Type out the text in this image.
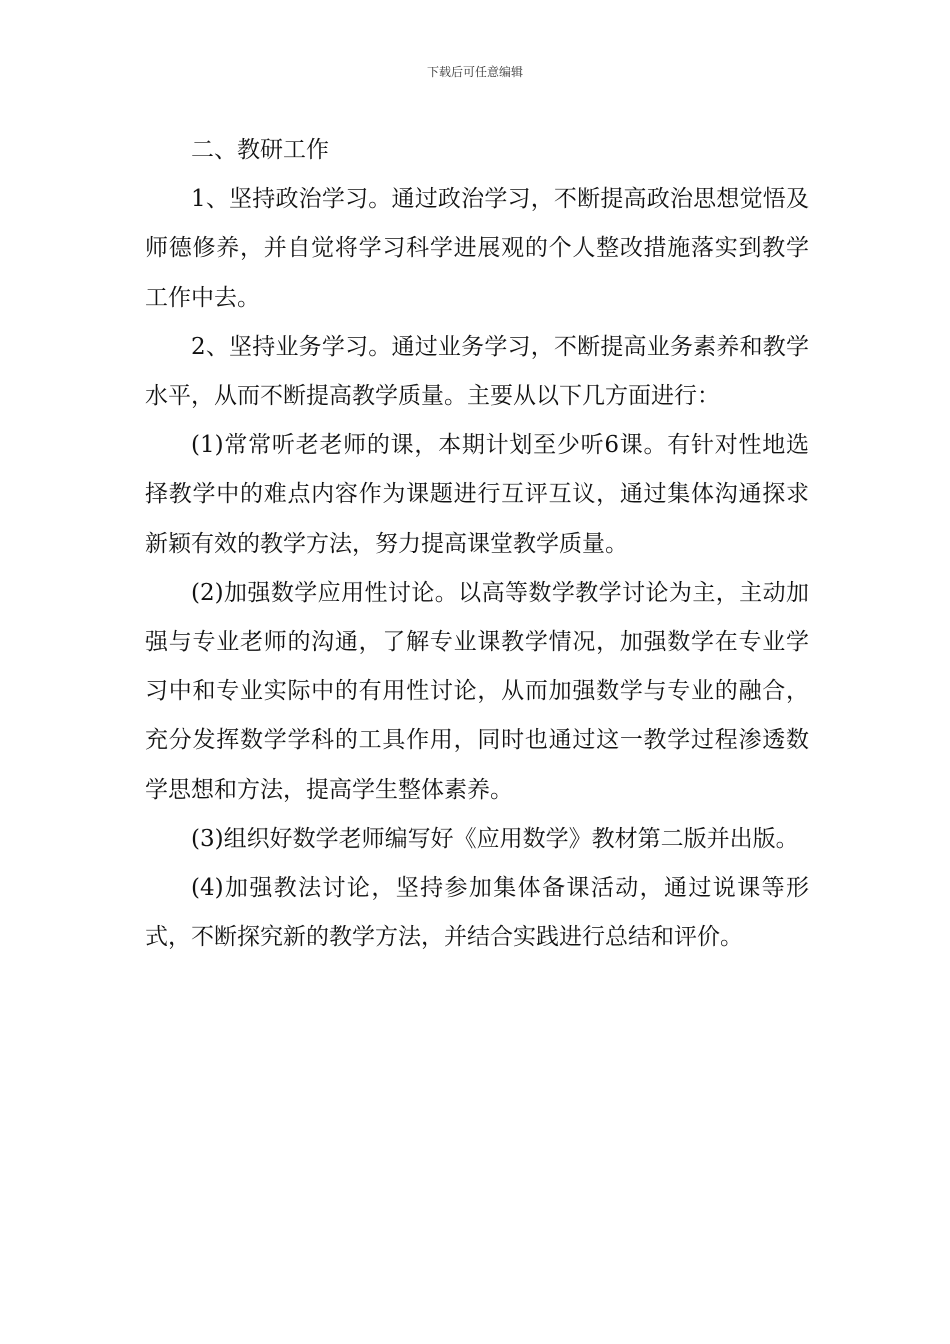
下载后可任意编辑
二、教研工作

1、坚持政治学习。通过政治学习，不断提高政治思想觉悟及师德修养，并自觉将学习科学进展观的个人整改措施落实到教学工作中去。

2、坚持业务学习。通过业务学习，不断提高业务素养和教学水平，从而不断提高教学质量。主要从以下几方面进行：

(1)常常听老老师的课，本期计划至少听6课。有针对性地选择教学中的难点内容作为课题进行互评互议，通过集体沟通探求新颖有效的教学方法，努力提高课堂教学质量。

(2)加强数学应用性讨论。以高等数学教学讨论为主，主动加强与专业老师的沟通，了解专业课教学情况，加强数学在专业学习中和专业实际中的有用性讨论，从而加强数学与专业的融合，充分发挥数学学科的工具作用，同时也通过这一教学过程渗透数学思想和方法，提高学生整体素养。

(3)组织好数学老师编写好《应用数学》教材第二版并出版。

(4)加强教法讨论，坚持参加集体备课活动，通过说课等形式，不断探究新的教学方法，并结合实践进行总结和评价。
